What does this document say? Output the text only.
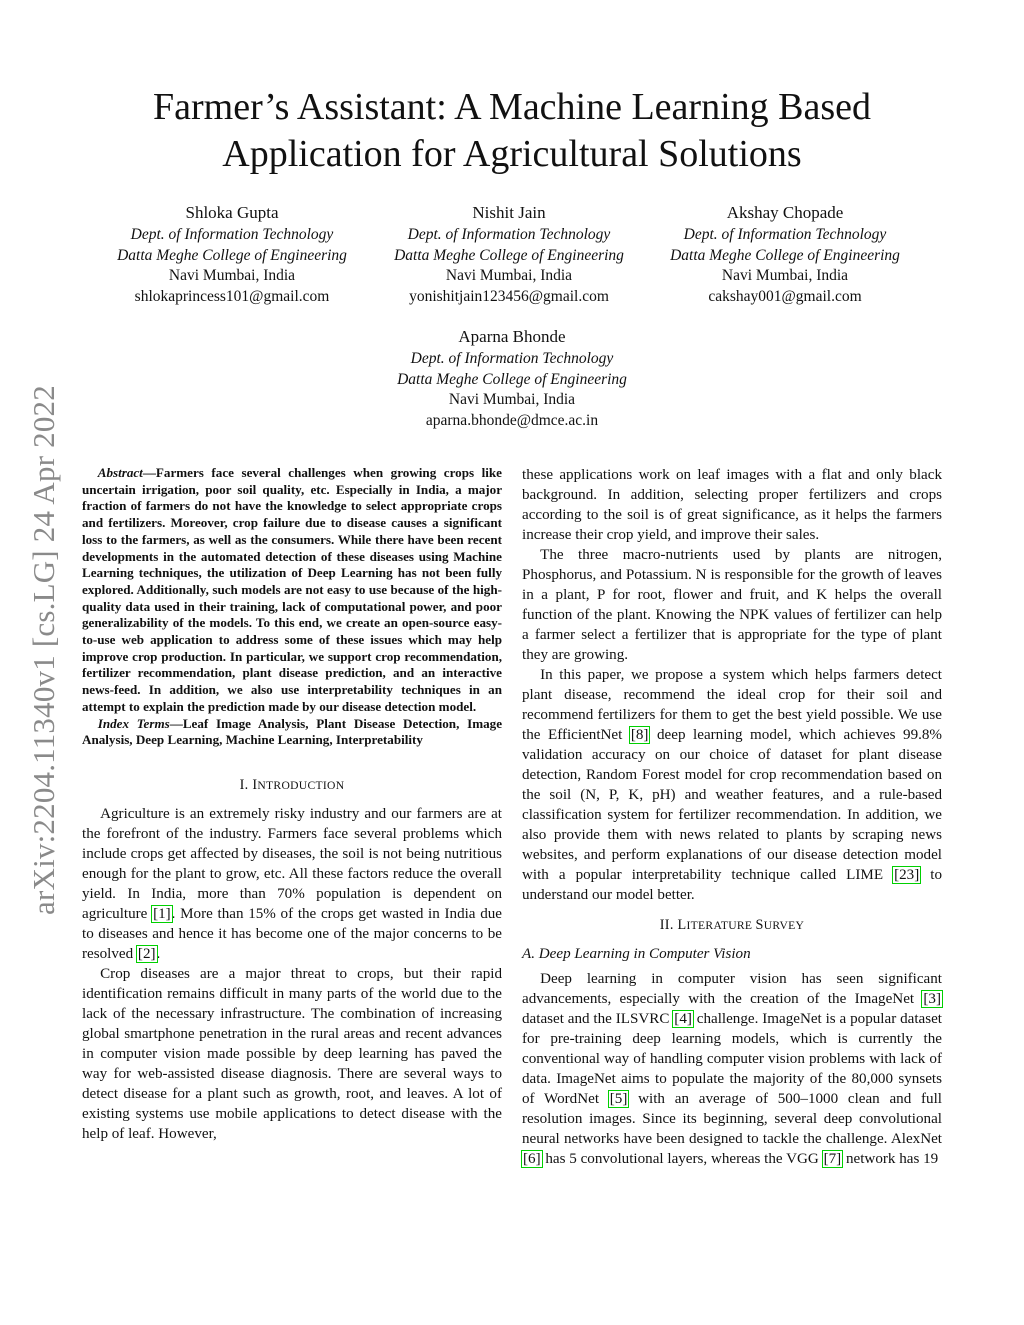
arXiv:2204.11340v1 [cs.LG] 24 Apr 2022
Farmer’s Assistant: A Machine Learning Based Application for Agricultural Solutions
Shloka Gupta
Dept. of Information Technology
Datta Meghe College of Engineering
Navi Mumbai, India
shlokaprincess101@gmail.com
Nishit Jain
Dept. of Information Technology
Datta Meghe College of Engineering
Navi Mumbai, India
yonishitjain123456@gmail.com
Akshay Chopade
Dept. of Information Technology
Datta Meghe College of Engineering
Navi Mumbai, India
cakshay001@gmail.com
Aparna Bhonde
Dept. of Information Technology
Datta Meghe College of Engineering
Navi Mumbai, India
aparna.bhonde@dmce.ac.in

Abstract—Farmers face several challenges when growing crops like uncertain irrigation, poor soil quality, etc. Especially in India, a major fraction of farmers do not have the knowledge to select appropriate crops and fertilizers. Moreover, crop failure due to disease causes a significant loss to the farmers, as well as the consumers. While there have been recent developments in the automated detection of these diseases using Machine Learning techniques, the utilization of Deep Learning has not been fully explored. Additionally, such models are not easy to use because of the high-quality data used in their training, lack of computational power, and poor generalizability of the models. To this end, we create an open-source easy-to-use web application to address some of these issues which may help improve crop production. In particular, we support crop recommendation, fertilizer recommendation, plant disease prediction, and an interactive news-feed. In addition, we also use interpretability techniques in an attempt to explain the prediction made by our disease detection model.

Index Terms—Leaf Image Analysis, Plant Disease Detection, Image Analysis, Deep Learning, Machine Learning, Interpretability

I. INTRODUCTION

Agriculture is an extremely risky industry and our farmers are at the forefront of the industry. Farmers face several problems which include crops get affected by diseases, the soil is not being nutritious enough for the plant to grow, etc. All these factors reduce the overall yield. In India, more than 70% population is dependent on agriculture [1]. More than 15% of the crops get wasted in India due to diseases and hence it has become one of the major concerns to be resolved [2].

Crop diseases are a major threat to crops, but their rapid identification remains difficult in many parts of the world due to the lack of the necessary infrastructure. The combination of increasing global smartphone penetration in the rural areas and recent advances in computer vision made possible by deep learning has paved the way for web-assisted disease diagnosis. There are several ways to detect disease for a plant such as growth, root, and leaves. A lot of existing systems use mobile applications to detect disease with the help of leaf. However,

these applications work on leaf images with a flat and only black background. In addition, selecting proper fertilizers and crops according to the soil is of great significance, as it helps the farmers increase their crop yield, and improve their sales.

The three macro-nutrients used by plants are nitrogen, Phosphorus, and Potassium. N is responsible for the growth of leaves in a plant, P for root, flower and fruit, and K helps the overall function of the plant. Knowing the NPK values of fertilizer can help a farmer select a fertilizer that is appropriate for the type of plant they are growing.

In this paper, we propose a system which helps farmers detect plant disease, recommend the ideal crop for their soil and recommend fertilizers for them to get the best yield possible. We use the EfficientNet [8] deep learning model, which achieves 99.8% validation accuracy on our choice of dataset for plant disease detection, Random Forest model for crop recommendation based on the soil (N, P, K, pH) and weather features, and a rule-based classification system for fertilizer recommendation. In addition, we also provide them with news related to plants by scraping news websites, and perform explanations of our disease detection model with a popular interpretability technique called LIME [23] to understand our model better.

II. LITERATURE SURVEY
A. Deep Learning in Computer Vision

Deep learning in computer vision has seen significant advancements, especially with the creation of the ImageNet [3] dataset and the ILSVRC [4] challenge. ImageNet is a popular dataset for pre-training deep learning models, which is currently the conventional way of handling computer vision problems with lack of data. ImageNet aims to populate the majority of the 80,000 synsets of WordNet [5] with an average of 500–1000 clean and full resolution images. Since its beginning, several deep convolutional neural networks have been designed to tackle the challenge. AlexNet [6] has 5 convolutional layers, whereas the VGG [7] network has 19
